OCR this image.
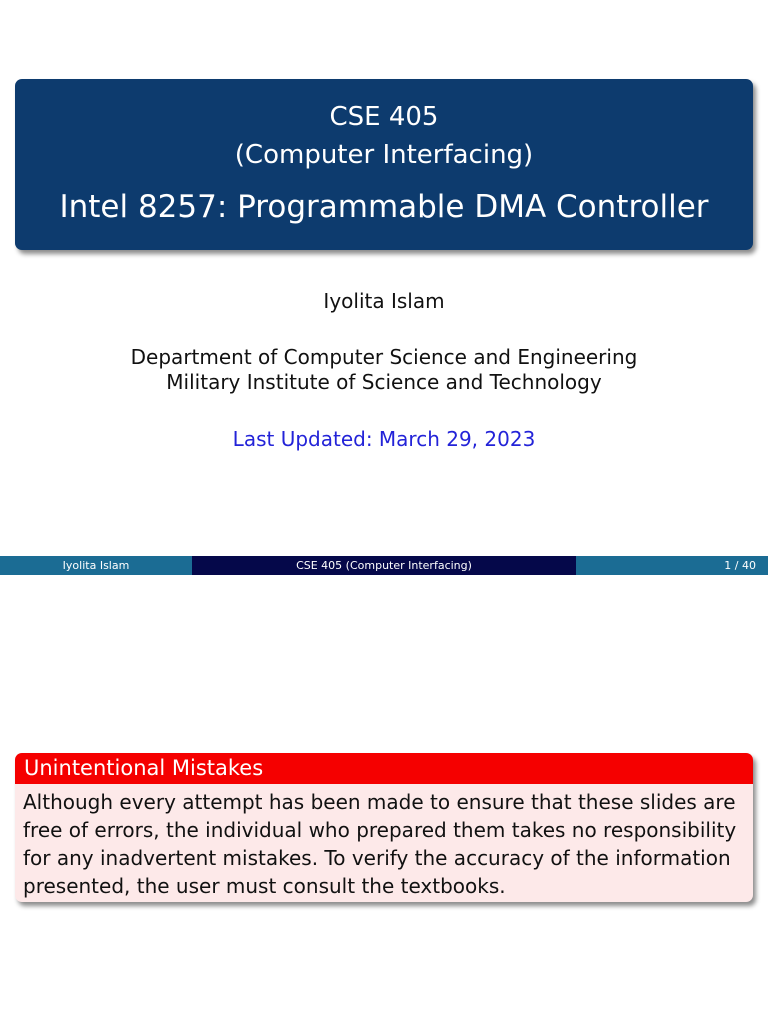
CSE 405
(Computer Interfacing)
Intel 8257: Programmable DMA Controller
Iyolita Islam
Department of Computer Science and Engineering
Military Institute of Science and Technology
Last Updated: March 29, 2023
Iyolita Islam	CSE 405 (Computer Interfacing)	1 / 40
Unintentional Mistakes
Although every attempt has been made to ensure that these slides are free of errors, the individual who prepared them takes no responsibility for any inadvertent mistakes. To verify the accuracy of the information presented, the user must consult the textbooks.
